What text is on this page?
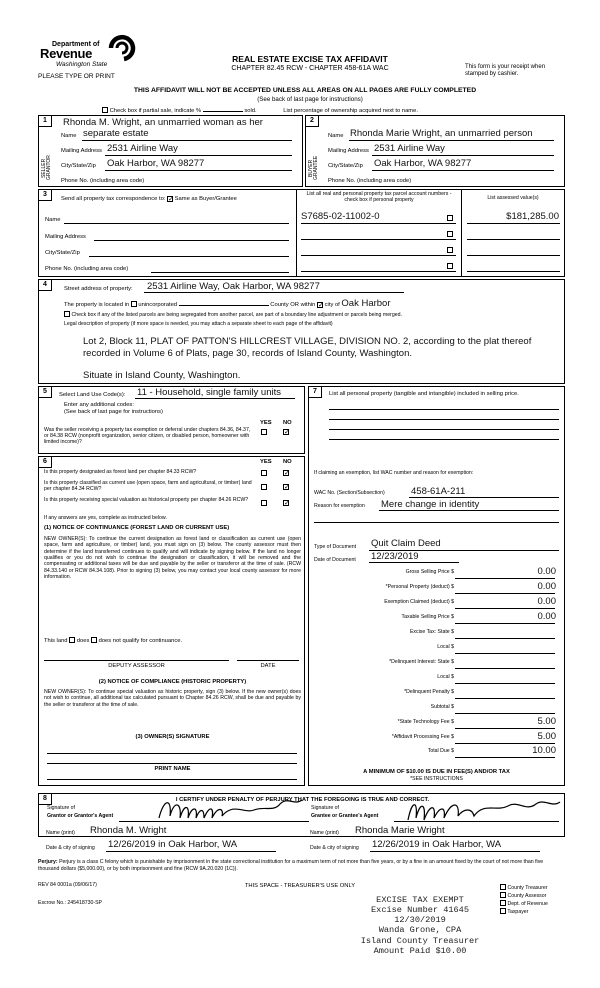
Department of
Revenue
Washington State
PLEASE TYPE OR PRINT
REAL ESTATE EXCISE TAX AFFIDAVIT
CHAPTER 82.45 RCW - CHAPTER 458-61A WAC	This form is your receipt when stamped by cashier.
THIS AFFIDAVIT WILL NOT BE ACCEPTED UNLESS ALL AREAS ON ALL PAGES ARE FULLY COMPLETED
(See back of last page for instructions)
Check box if partial sale, indicate %	sold.	List percentage of ownership acquired next to name.
1
SELLER GRANTOR
Rhonda M. Wright, an unmarried woman as her
Name separate estate
Mailing Address 2531 Airline Way
City/State/Zip Oak Harbor, WA 98277
Phone No. (including area code)
2
BUYER GRANTEE
Name Rhonda Marie Wright, an unmarried person
Mailing Address 2531 Airline Way
City/State/Zip Oak Harbor, WA 98277
Phone No. (including area code)
3
Send all property tax correspondence to: ✓ Same as Buyer/Grantee
List all real and personal property tax parcel account numbers - check box if personal property	List assessed value(s)
Name
Mailing Address
City/State/Zip
Phone No. (including area code)
S7685-02-11002-0	$181,285.00
4
Street address of property: 2531 Airline Way, Oak Harbor, WA 98277
The property is located in unincorporated	County OR within ✓ city of Oak Harbor
Check box if any of the listed parcels are being segregated from another parcel, are part of a boundary line adjustment or parcels being merged.
Legal description of property (if more space is needed, you may attach a separate sheet to each page of the affidavit)
Lot 2, Block 11, PLAT OF PATTON'S HILLCREST VILLAGE, DIVISION NO. 2, according to the plat thereof
recorded in Volume 6 of Plats, page 30, records of Island County, Washington.
Situate in Island County, Washington.
5	Select Land Use Code(s): 11 - Household, single family units
Enter any additional codes:
(See back of last page for instructions)
YES NO
Was the seller receiving a property tax exemption or deferral under chapters 84.36, 84.37, or 84.38 RCW (nonprofit organization, senior citizen, or disabled person, homeowner with limited income)?
✓
6	YES NO
Is this property designated as forest land per chapter 84.33 RCW?	✓
Is this property classified as current use (open space, farm and agricultural, or timber) land per chapter 84.34 RCW?	✓
Is this property receiving special valuation as historical property per chapter 84.26 RCW?	✓
If any answers are yes, complete as instructed below.
(1) NOTICE OF CONTINUANCE (FOREST LAND OR CURRENT USE)
NEW OWNER(S): To continue the current designation as forest land or classification as current use (open space, farm and agriculture, or timber) land, you must sign on (3) below. The county assessor must then determine if the land transferred continues to qualify and will indicate by signing below. If the land no longer qualifies or you do not wish to continue the designation or classification, it will be removed and the compensating or additional taxes will be due and payable by the seller or transferor at the time of sale. (RCW 84.33.140 or RCW 84.34.108). Prior to signing (3) below, you may contact your local county assessor for more information.
This land does does not qualify for continuance.
DEPUTY ASSESSOR	DATE
(2) NOTICE OF COMPLIANCE (HISTORIC PROPERTY)
NEW OWNER(S): To continue special valuation as historic property, sign (3) below. If the new owner(s) does not wish to continue, all additional tax calculated pursuant to Chapter 84.26 RCW, shall be due and payable by the seller or transferor at the time of sale.
(3) OWNER(S) SIGNATURE
PRINT NAME
7	List all personal property (tangible and intangible) included in selling price.
If claiming an exemption, list WAC number and reason for exemption:
WAC No. (Section/Subsection)	458-61A-211
Reason for exemption Mere change in identity
Type of Document Quit Claim Deed
Date of Document 12/23/2019
Gross Selling Price $	0.00
*Personal Property (deduct) $	0.00
Exemption Claimed (deduct) $	0.00
Taxable Selling Price $	0.00
Excise Tax: State $
Local $
*Delinquent Interest: State $
Local $
*Delinquent Penalty $
Subtotal $
*State Technology Fee $	5.00
*Affidavit Processing Fee $	5.00
Total Due $	10.00
A MINIMUM OF $10.00 IS DUE IN FEE(S) AND/OR TAX
*SEE INSTRUCTIONS
8	I CERTIFY UNDER PENALTY OF PERJURY THAT THE FOREGOING IS TRUE AND CORRECT.
Signature of
Grantor or Grantor's Agent
Signature of
Grantee or Grantee's Agent
Name (print) Rhonda M. Wright
Date & city of signing 12/26/2019 in Oak Harbor, WA
Name (print) Rhonda Marie Wright
Date & city of signing 12/26/2019 in Oak Harbor, WA
Perjury: Perjury is a class C felony which is punishable by imprisonment in the state correctional institution for a maximum term of not more than five years, or by a fine in an amount fixed by the court of not more than five thousand dollars ($5,000.00), or by both imprisonment and fine (RCW 9A.20.020 (1C)).
REV 84 0001a (09/06/17)	THIS SPACE - TREASURER'S USE ONLY
Escrow No.: 245418730-SP	EXCISE TAX EXEMPT
Excise Number 41645
12/30/2019
Wanda Grone, CPA
Island County Treasurer
Amount Paid $10.00
County Treasurer
County Assessor
Dept. of Revenue
Taxpayer
